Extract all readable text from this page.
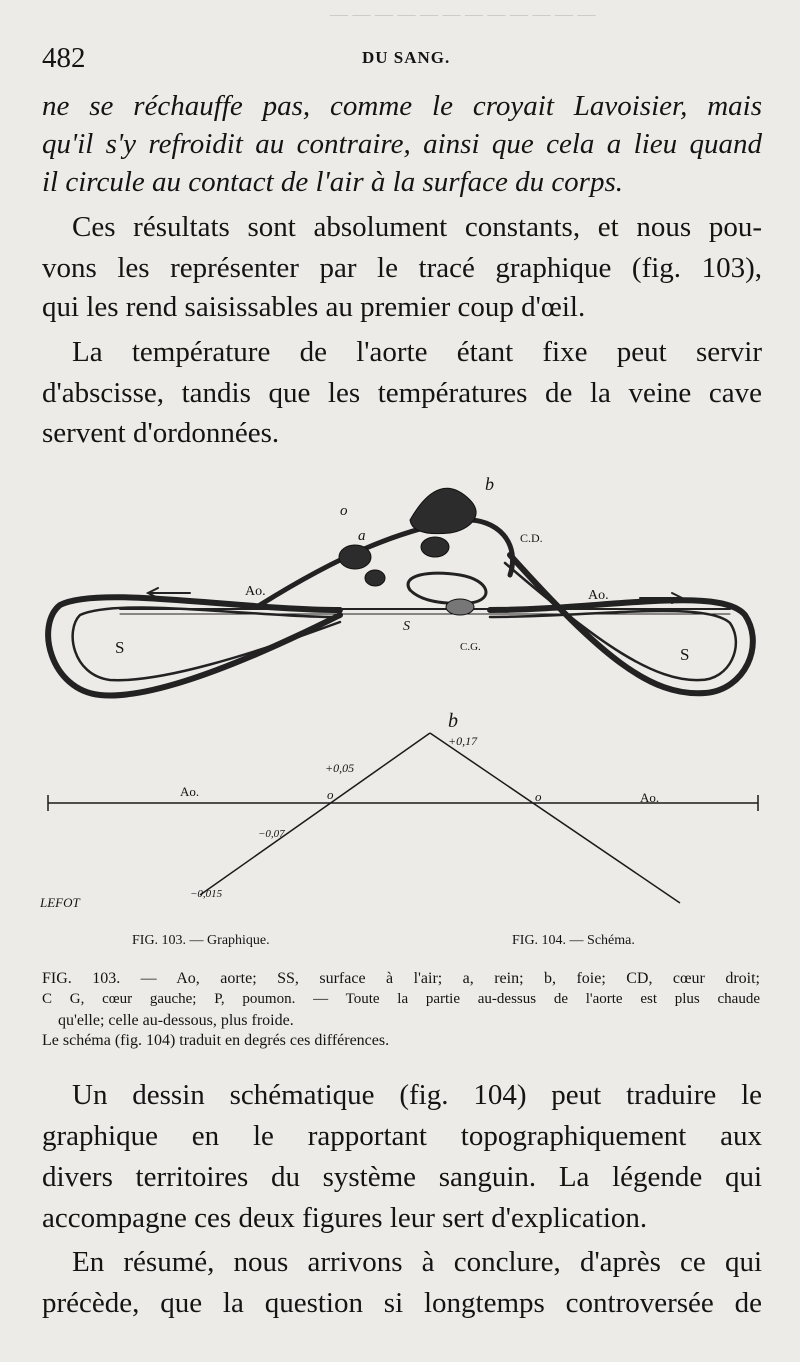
— — — — — — — — — — — —
482	DU SANG.
ne se réchauffe pas, comme le croyait Lavoisier, mais
qu'il s'y refroidit au contraire, ainsi que cela a lieu quand
il circule au contact de l'air à la surface du corps.
Ces résultats sont absolument constants, et nous pou-
vons les représenter par le tracé graphique (fig. 103),
qui les rend saisissables au premier coup d'œil.
La température de l'aorte étant fixe peut servir
d'abscisse, tandis que les températures de la veine cave
servent d'ordonnées.
o
b
a	C.D.
Ao.	Ao.
S
C.G.
S	S
b
+0,17
+0,05
Ao.	Ao.
o	o
−0,07
−0,015
LEFOT
FIG. 103. — Graphique.	FIG. 104. — Schéma.
FIG. 103. — Ao, aorte; SS, surface à l'air; a, rein; b, foie; CD, cœur droit;
C G, cœur gauche; P, poumon. — Toute la partie au-dessus de l'aorte est plus chaude
qu'elle; celle au-dessous, plus froide.
Le schéma (fig. 104) traduit en degrés ces différences.
Un dessin schématique (fig. 104) peut traduire le
graphique en le rapportant topographiquement aux
divers territoires du système sanguin. La légende qui
accompagne ces deux figures leur sert d'explication.
En résumé, nous arrivons à conclure, d'après ce qui
précède, que la question si longtemps controversée de
